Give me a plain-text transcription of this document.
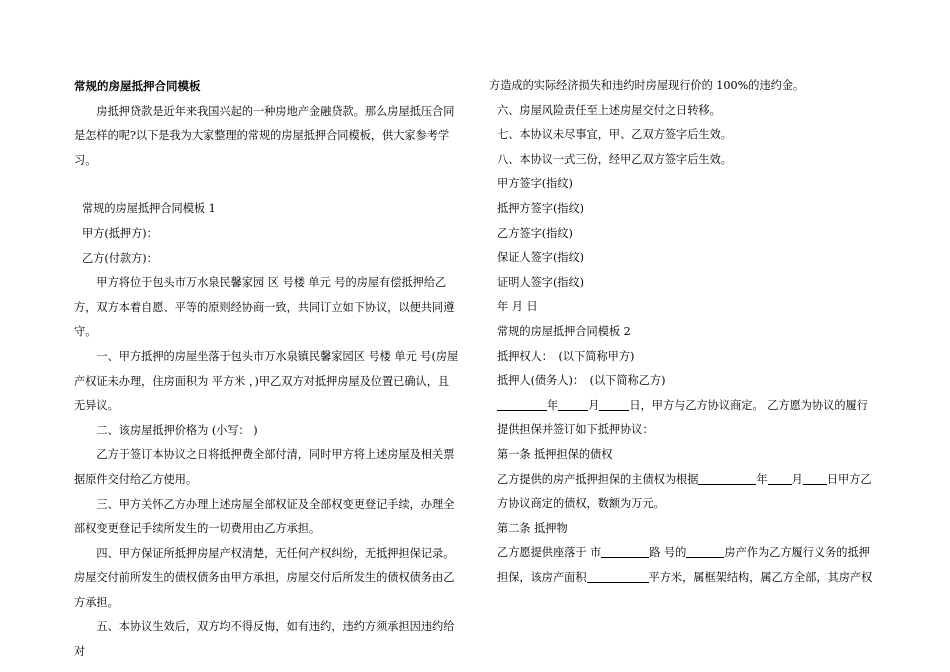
常规的房屋抵押合同模板

房抵押贷款是近年来我国兴起的一种房地产金融贷款。那么房屋抵压合同是怎样的呢?以下是我为大家整理的常规的房屋抵押合同模板，供大家参考学习。

常规的房屋抵押合同模板 1

甲方(抵押方)：

乙方(付款方)：

甲方将位于包头市万水泉民馨家园 区 号楼 单元 号的房屋有偿抵押给乙方，双方本着自愿、平等的原则经协商一致，共同订立如下协议，以便共同遵守。

一、甲方抵押的房屋坐落于包头市万水泉镇民馨家园区 号楼 单元 号(房屋产权证未办理，住房面积为 平方米 ，)甲乙双方对抵押房屋及位置已确认，且无异议。

二、该房屋抵押价格为 (小写： )

乙方于签订本协议之日将抵押费全部付清，同时甲方将上述房屋及相关票据原件交付给乙方使用。

三、甲方关怀乙方办理上述房屋全部权证及全部权变更登记手续，办理全部权变更登记手续所发生的一切费用由乙方承担。

四、甲方保证所抵押房屋产权清楚，无任何产权纠纷，无抵押担保记录。房屋交付前所发生的债权债务由甲方承担，房屋交付后所发生的债权债务由乙方承担。

五、本协议生效后，双方均不得反悔，如有违约，违约方须承担因违约给对

方造成的实际经济损失和违约时房屋现行价的 100%的违约金。

六、房屋风险责任至上述房屋交付之日转移。

七、本协议未尽事宜，甲、乙双方签字后生效。

八、本协议一式三份，经甲乙双方签字后生效。

甲方签字(指纹)

抵押方签字(指纹)

乙方签字(指纹)

保证人签字(指纹)

证明人签字(指纹)

年 月 日

常规的房屋抵押合同模板 2

抵押权人：　(以下简称甲方)

抵押人(债务人)：　(以下简称乙方)

年	月	日，甲方与乙方协议商定。 乙方愿为协议的履行提供担保并签订如下抵押协议：

第一条 抵押担保的债权

乙方提供的房产抵押担保的主债权为根据	年 月 日甲方乙方协议商定的债权，数额为万元。

第二条 抵押物

乙方愿提供座落于 市	路 号的	房产作为乙方履行义务的抵押担保，该房产面积	平方米，属框架结构，属乙方全部，其房产权
